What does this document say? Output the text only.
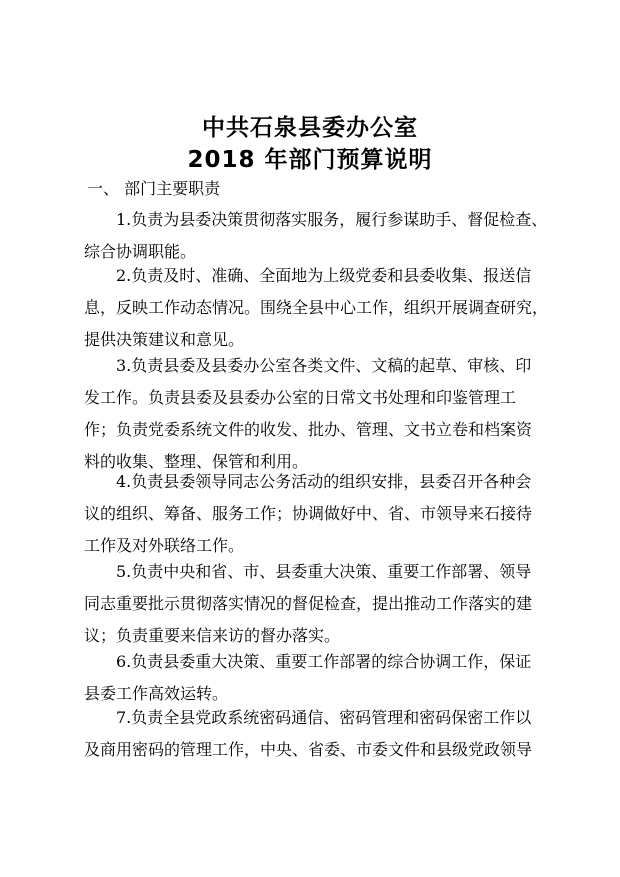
中共石泉县委办公室
2018 年部门预算说明
一、 部门主要职责
1.负责为县委决策贯彻落实服务，履行参谋助手、督促检查、
综合协调职能。
2.负责及时、准确、全面地为上级党委和县委收集、报送信
息，反映工作动态情况。围绕全县中心工作，组织开展调查研究，
提供决策建议和意见。
3.负责县委及县委办公室各类文件、文稿的起草、审核、印
发工作。负责县委及县委办公室的日常文书处理和印鉴管理工
作；负责党委系统文件的收发、批办、管理、文书立卷和档案资
料的收集、整理、保管和利用。
4.负责县委领导同志公务活动的组织安排，县委召开各种会
议的组织、筹备、服务工作；协调做好中、省、市领导来石接待
工作及对外联络工作。
5.负责中央和省、市、县委重大决策、重要工作部署、领导
同志重要批示贯彻落实情况的督促检查，提出推动工作落实的建
议；负责重要来信来访的督办落实。
6.负责县委重大决策、重要工作部署的综合协调工作，保证
县委工作高效运转。
7.负责全县党政系统密码通信、密码管理和密码保密工作以
及商用密码的管理工作，中央、省委、市委文件和县级党政领导
